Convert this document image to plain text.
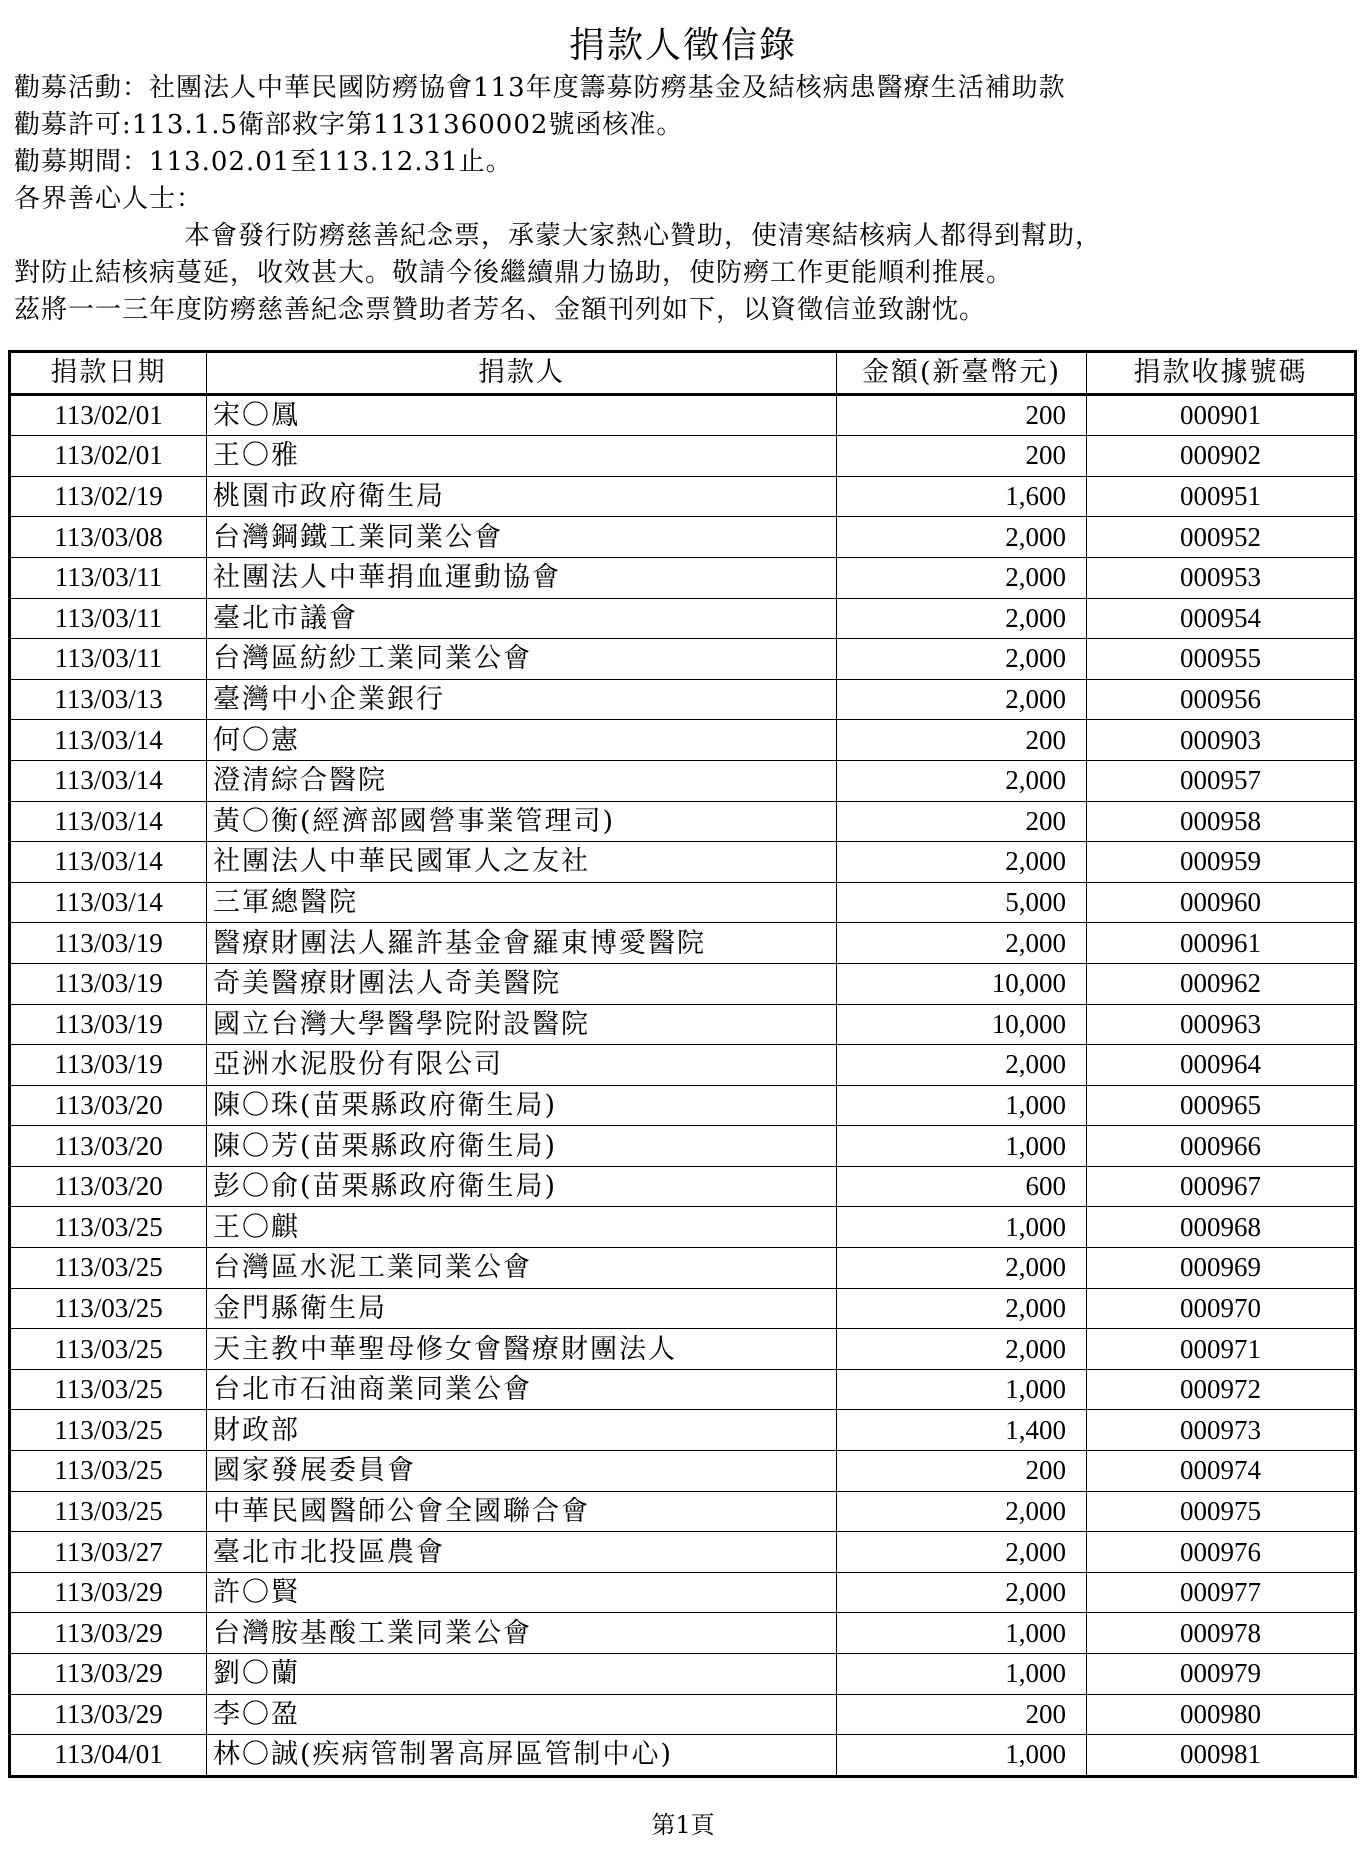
捐款人徵信錄
勸募活動：社團法人中華民國防癆協會113年度籌募防癆基金及結核病患醫療生活補助款
勸募許可:113.1.5衛部救字第1131360002號函核准。
勸募期間：113.02.01至113.12.31止。
各界善心人士：
本會發行防癆慈善紀念票，承蒙大家熱心贊助，使清寒結核病人都得到幫助，
對防止結核病蔓延，收效甚大。敬請今後繼續鼎力協助，使防癆工作更能順利推展。
茲將一一三年度防癆慈善紀念票贊助者芳名、金額刊列如下，以資徵信並致謝忱。
捐款日期	捐款人	金額(新臺幣元)	捐款收據號碼
113/02/01	宋〇鳳	200	000901
113/02/01	王〇雅	200	000902
113/02/19	桃園市政府衛生局	1,600	000951
113/03/08	台灣鋼鐵工業同業公會	2,000	000952
113/03/11	社團法人中華捐血運動協會	2,000	000953
113/03/11	臺北市議會	2,000	000954
113/03/11	台灣區紡紗工業同業公會	2,000	000955
113/03/13	臺灣中小企業銀行	2,000	000956
113/03/14	何〇憲	200	000903
113/03/14	澄清綜合醫院	2,000	000957
113/03/14	黃〇衡(經濟部國營事業管理司)	200	000958
113/03/14	社團法人中華民國軍人之友社	2,000	000959
113/03/14	三軍總醫院	5,000	000960
113/03/19	醫療財團法人羅許基金會羅東博愛醫院	2,000	000961
113/03/19	奇美醫療財團法人奇美醫院	10,000	000962
113/03/19	國立台灣大學醫學院附設醫院	10,000	000963
113/03/19	亞洲水泥股份有限公司	2,000	000964
113/03/20	陳〇珠(苗栗縣政府衛生局)	1,000	000965
113/03/20	陳〇芳(苗栗縣政府衛生局)	1,000	000966
113/03/20	彭〇俞(苗栗縣政府衛生局)	600	000967
113/03/25	王〇麒	1,000	000968
113/03/25	台灣區水泥工業同業公會	2,000	000969
113/03/25	金門縣衛生局	2,000	000970
113/03/25	天主教中華聖母修女會醫療財團法人	2,000	000971
113/03/25	台北市石油商業同業公會	1,000	000972
113/03/25	財政部	1,400	000973
113/03/25	國家發展委員會	200	000974
113/03/25	中華民國醫師公會全國聯合會	2,000	000975
113/03/27	臺北市北投區農會	2,000	000976
113/03/29	許〇賢	2,000	000977
113/03/29	台灣胺基酸工業同業公會	1,000	000978
113/03/29	劉〇蘭	1,000	000979
113/03/29	李〇盈	200	000980
113/04/01	林〇誠(疾病管制署高屏區管制中心)	1,000	000981
第1頁
